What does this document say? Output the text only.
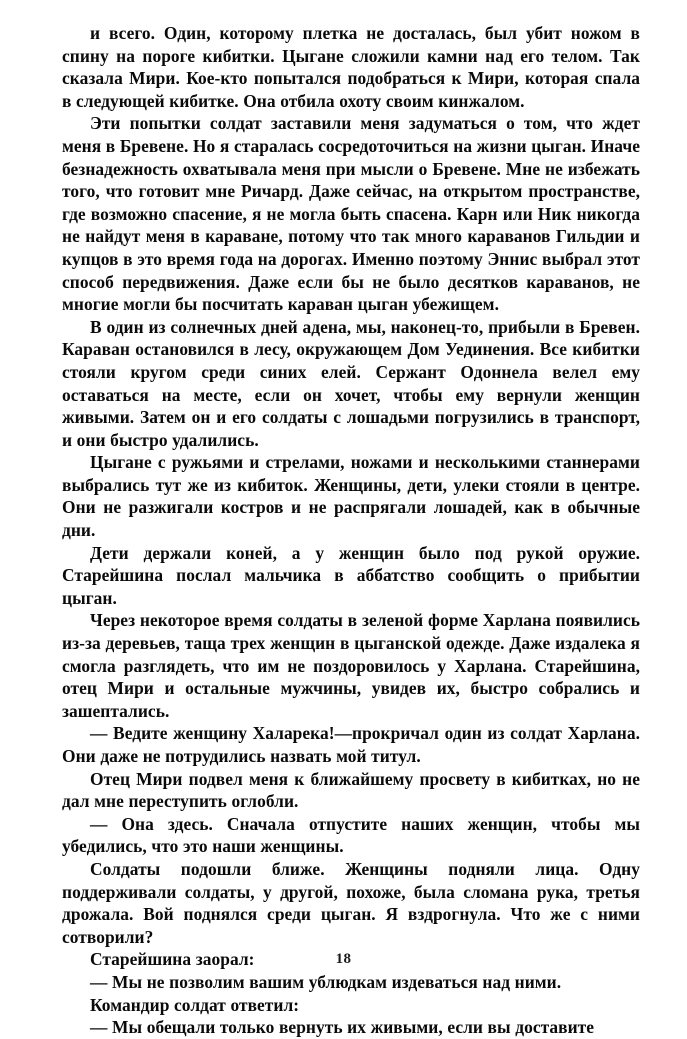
и всего. Один, которому плетка не досталась, был убит ножом в спину на пороге кибитки. Цыгане сложили камни над его телом. Так сказала Мири. Кое-кто попытался подобраться к Мири, которая спала в следующей кибитке. Она отбила охоту своим кинжалом.

Эти попытки солдат заставили меня задуматься о том, что ждет меня в Бревене. Но я старалась сосредоточиться на жизни цыган. Иначе безнадежность охватывала меня при мысли о Бревене. Мне не избежать того, что готовит мне Ричард. Даже сейчас, на открытом пространстве, где возможно спасение, я не могла быть спасена. Карн или Ник никогда не найдут меня в караване, потому что так много караванов Гильдии и купцов в это время года на дорогах. Именно поэтому Эннис выбрал этот способ передвижения. Даже если бы не было десятков караванов, не многие могли бы посчитать караван цыган убежищем.

В один из солнечных дней адена, мы, наконец-то, прибыли в Бревен. Караван остановился в лесу, окружающем Дом Уединения. Все кибитки стояли кругом среди синих елей. Сержант Одоннела велел ему оставаться на месте, если он хочет, чтобы ему вернули женщин живыми. Затем он и его солдаты с лошадьми погрузились в транспорт, и они быстро удалились.

Цыгане с ружьями и стрелами, ножами и несколькими станнерами выбрались тут же из кибиток. Женщины, дети, улеки стояли в центре. Они не разжигали костров и не распрягали лошадей, как в обычные дни.

Дети держали коней, а у женщин было под рукой оружие. Старейшина послал мальчика в аббатство сообщить о прибытии цыган.

Через некоторое время солдаты в зеленой форме Харлана появились из-за деревьев, таща трех женщин в цыганской одежде. Даже издалека я смогла разглядеть, что им не поздоровилось у Харлана. Старейшина, отец Мири и остальные мужчины, увидев их, быстро собрались и зашептались.

— Ведите женщину Халарека!—прокричал один из солдат Харлана. Они даже не потрудились назвать мой титул.

Отец Мири подвел меня к ближайшему просвету в кибитках, но не дал мне переступить оглобли.

— Она здесь. Сначала отпустите наших женщин, чтобы мы убедились, что это наши женщины.

Солдаты подошли ближе. Женщины подняли лица. Одну поддерживали солдаты, у другой, похоже, была сломана рука, третья дрожала. Вой поднялся среди цыган. Я вздрогнула. Что же с ними сотворили?

Старейшина заорал:

— Мы не позволим вашим ублюдкам издеваться над ними.

Командир солдат ответил:

— Мы обещали только вернуть их живыми, если вы доставите

18
